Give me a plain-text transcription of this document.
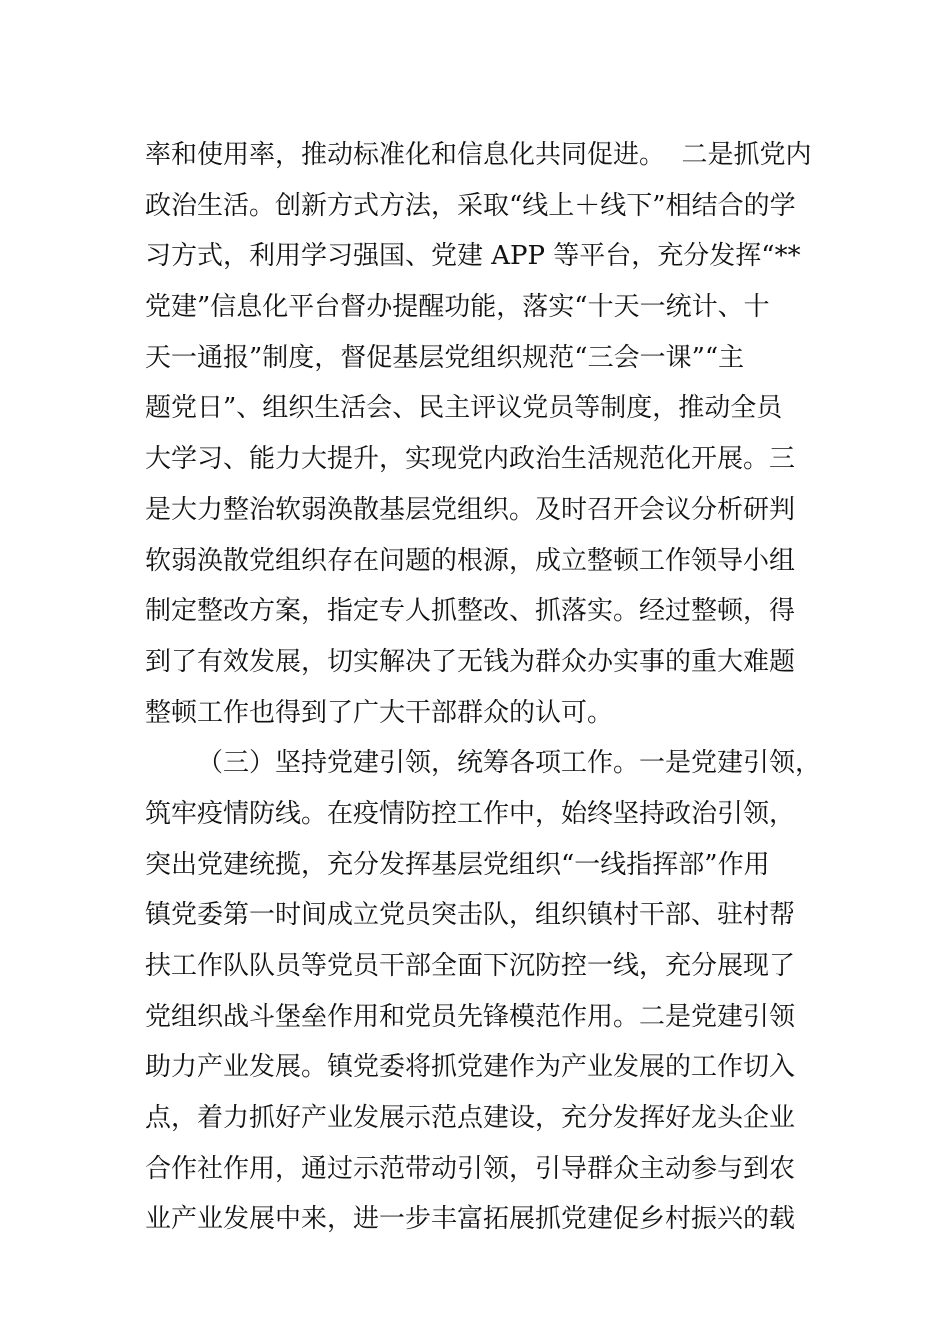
率和使用率，推动标准化和信息化共同促进。  二是抓党内
政治生活。创新方式方法，采取“线上＋线下”相结合的学
习方式，利用学习强国、党建 APP 等平台，充分发挥“**
党建”信息化平台督办提醒功能，落实“十天一统计、十
天一通报”制度，督促基层党组织规范“三会一课”“主
题党日”、组织生活会、民主评议党员等制度，推动全员
大学习、能力大提升，实现党内政治生活规范化开展。三
是大力整治软弱涣散基层党组织。及时召开会议分析研判
软弱涣散党组织存在问题的根源，成立整顿工作领导小组
制定整改方案，指定专人抓整改、抓落实。经过整顿，得
到了有效发展，切实解决了无钱为群众办实事的重大难题
整顿工作也得到了广大干部群众的认可。
（三）坚持党建引领，统筹各项工作。一是党建引领，
筑牢疫情防线。在疫情防控工作中，始终坚持政治引领，
突出党建统揽，充分发挥基层党组织“一线指挥部”作用
镇党委第一时间成立党员突击队，组织镇村干部、驻村帮
扶工作队队员等党员干部全面下沉防控一线，充分展现了
党组织战斗堡垒作用和党员先锋模范作用。二是党建引领
助力产业发展。镇党委将抓党建作为产业发展的工作切入
点，着力抓好产业发展示范点建设，充分发挥好龙头企业
合作社作用，通过示范带动引领，引导群众主动参与到农
业产业发展中来，进一步丰富拓展抓党建促乡村振兴的载
